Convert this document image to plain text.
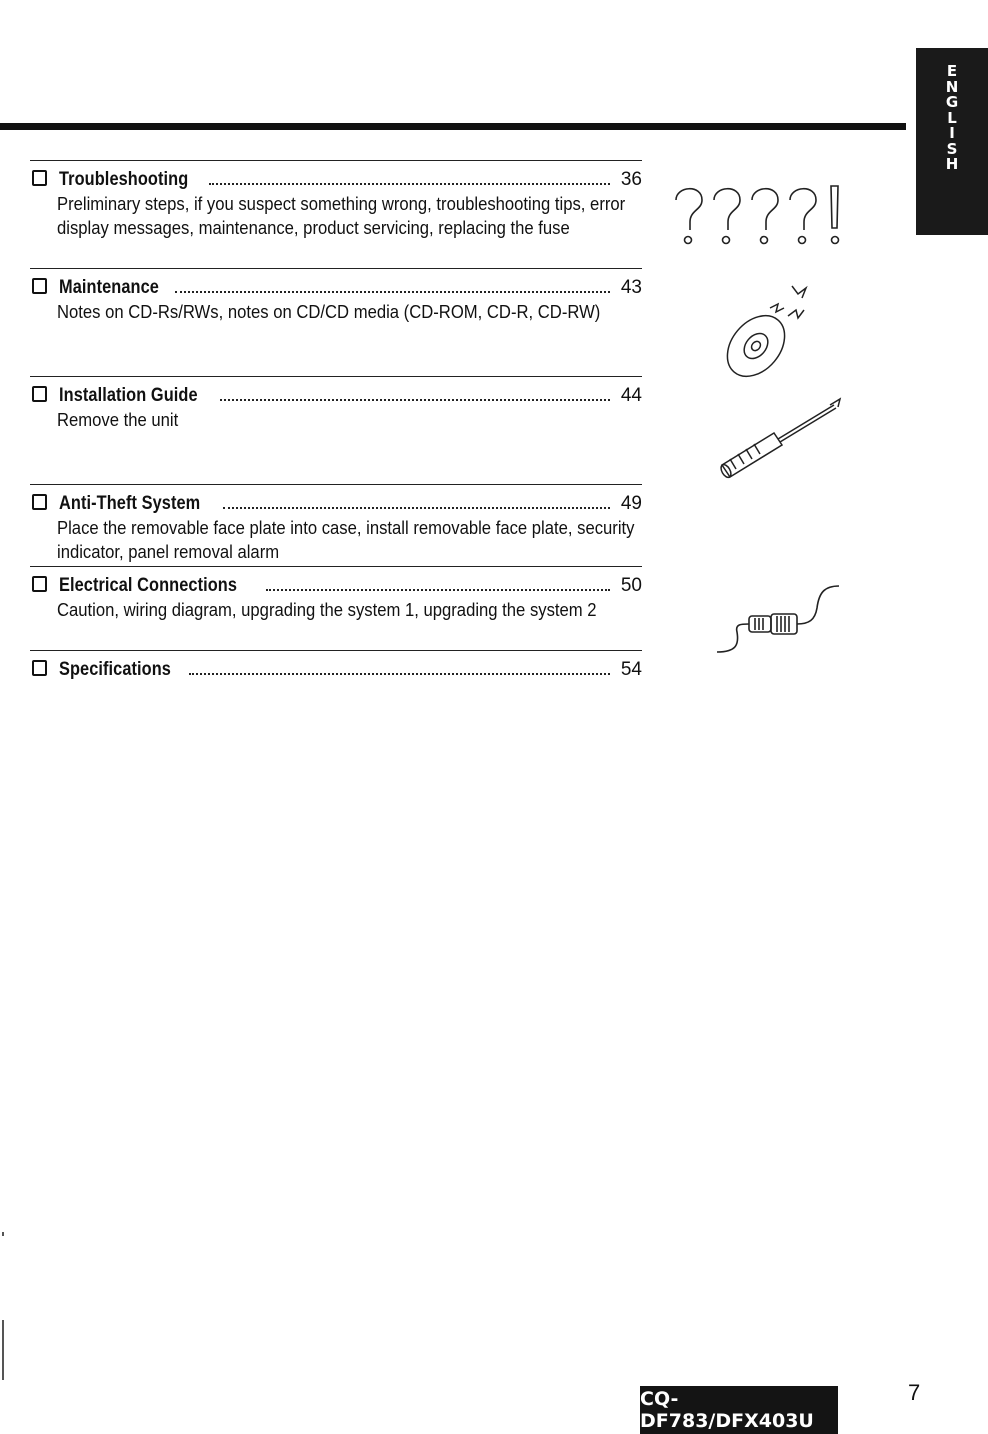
E
N
G
L
I
S
H
Troubleshooting	36
Preliminary steps, if you suspect something wrong, troubleshooting tips, error display messages, maintenance, product servicing, replacing the fuse
Maintenance	43
Notes on CD-Rs/RWs, notes on CD/CD media (CD-ROM, CD-R, CD-RW)
Installation Guide	44
Remove the unit
Anti-Theft System	49
Place the removable face plate into case, install removable face plate, security indicator, panel removal alarm
Electrical Connections	50
Caution, wiring diagram, upgrading the system 1, upgrading the system 2
Specifications	54
CQ-DF783/DFX403U
7
